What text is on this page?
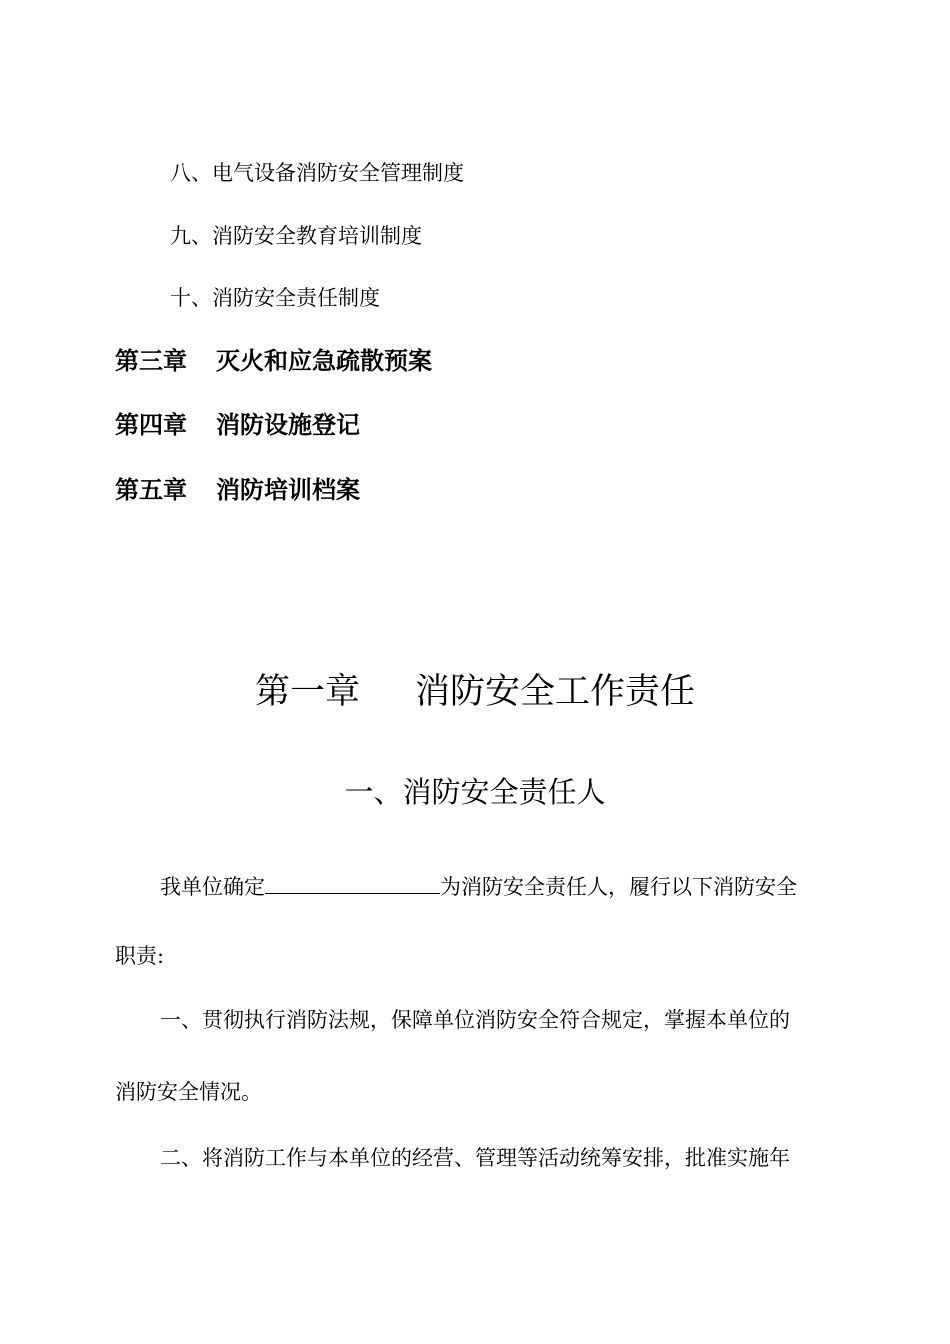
八、电气设备消防安全管理制度
九、消防安全教育培训制度
十、消防安全责任制度
第三章 灭火和应急疏散预案
第四章 消防设施登记
第五章 消防培训档案
第一章 消防安全工作责任
一、消防安全责任人
我单位确定	为消防安全责任人，履行以下消防安全
职责:
一、贯彻执行消防法规，保障单位消防安全符合规定，掌握本单位的
消防安全情况。
二、将消防工作与本单位的经营、管理等活动统筹安排，批准实施年
